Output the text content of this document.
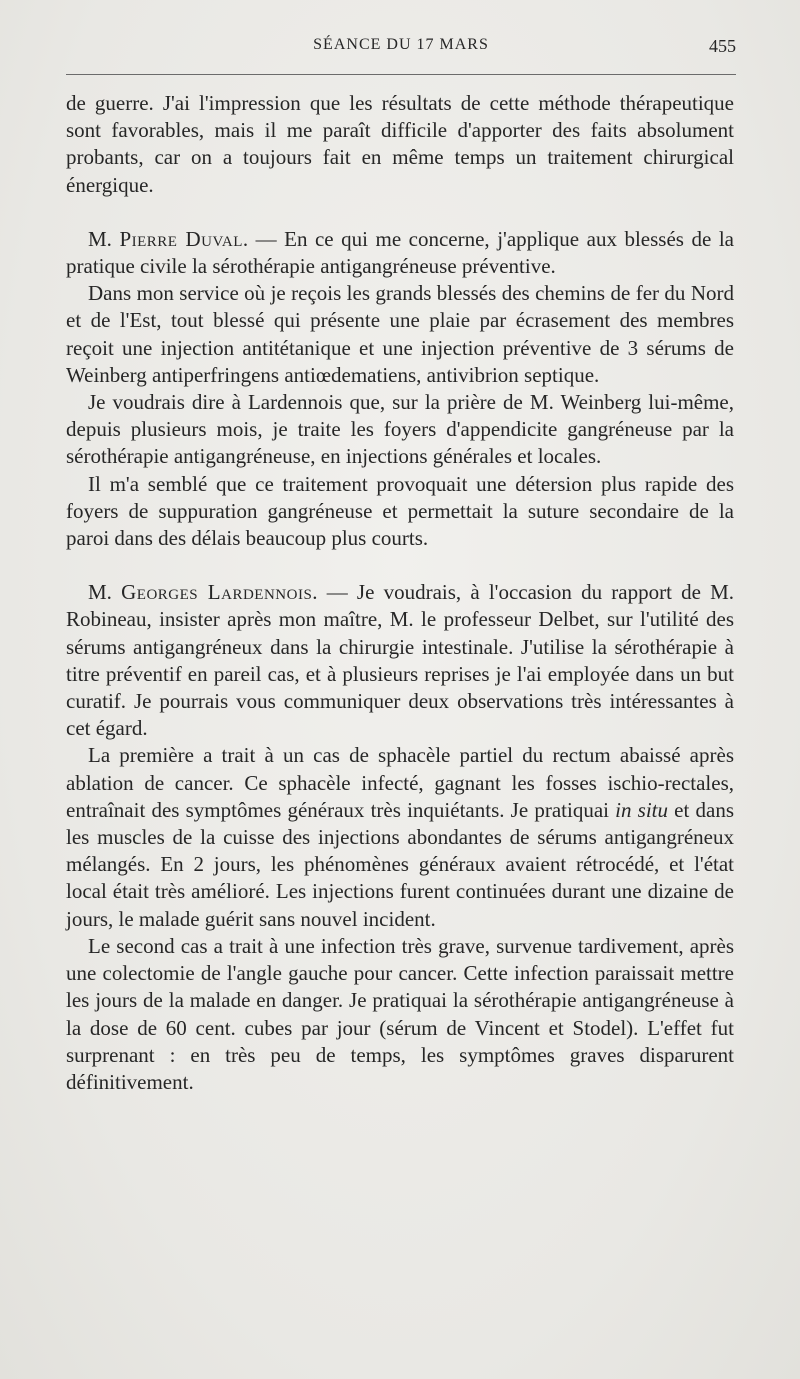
SÉANCE DU 17 MARS	455

de guerre. J'ai l'impression que les résultats de cette méthode thérapeutique sont favorables, mais il me paraît difficile d'apporter des faits absolument probants, car on a toujours fait en même temps un traitement chirurgical énergique.

M. Pierre Duval. — En ce qui me concerne, j'applique aux blessés de la pratique civile la sérothérapie antigangréneuse préventive.

Dans mon service où je reçois les grands blessés des chemins de fer du Nord et de l'Est, tout blessé qui présente une plaie par écrasement des membres reçoit une injection antitétanique et une injection préventive de 3 sérums de Weinberg antiperfringens antiœdematiens, antivibrion septique.

Je voudrais dire à Lardennois que, sur la prière de M. Weinberg lui-même, depuis plusieurs mois, je traite les foyers d'appendicite gangréneuse par la sérothérapie antigangréneuse, en injections générales et locales.

Il m'a semblé que ce traitement provoquait une détersion plus rapide des foyers de suppuration gangréneuse et permettait la suture secondaire de la paroi dans des délais beaucoup plus courts.

M. Georges Lardennois. — Je voudrais, à l'occasion du rapport de M. Robineau, insister après mon maître, M. le professeur Delbet, sur l'utilité des sérums antigangréneux dans la chirurgie intestinale. J'utilise la sérothérapie à titre préventif en pareil cas, et à plusieurs reprises je l'ai employée dans un but curatif. Je pourrais vous communiquer deux observations très intéressantes à cet égard.

La première a trait à un cas de sphacèle partiel du rectum abaissé après ablation de cancer. Ce sphacèle infecté, gagnant les fosses ischio-rectales, entraînait des symptômes généraux très inquiétants. Je pratiquai in situ et dans les muscles de la cuisse des injections abondantes de sérums antigangréneux mélangés. En 2 jours, les phénomènes généraux avaient rétrocédé, et l'état local était très amélioré. Les injections furent continuées durant une dizaine de jours, le malade guérit sans nouvel incident.

Le second cas a trait à une infection très grave, survenue tardivement, après une colectomie de l'angle gauche pour cancer. Cette infection paraissait mettre les jours de la malade en danger. Je pratiquai la sérothérapie antigangréneuse à la dose de 60 cent. cubes par jour (sérum de Vincent et Stodel). L'effet fut surprenant : en très peu de temps, les symptômes graves disparurent définitivement.
